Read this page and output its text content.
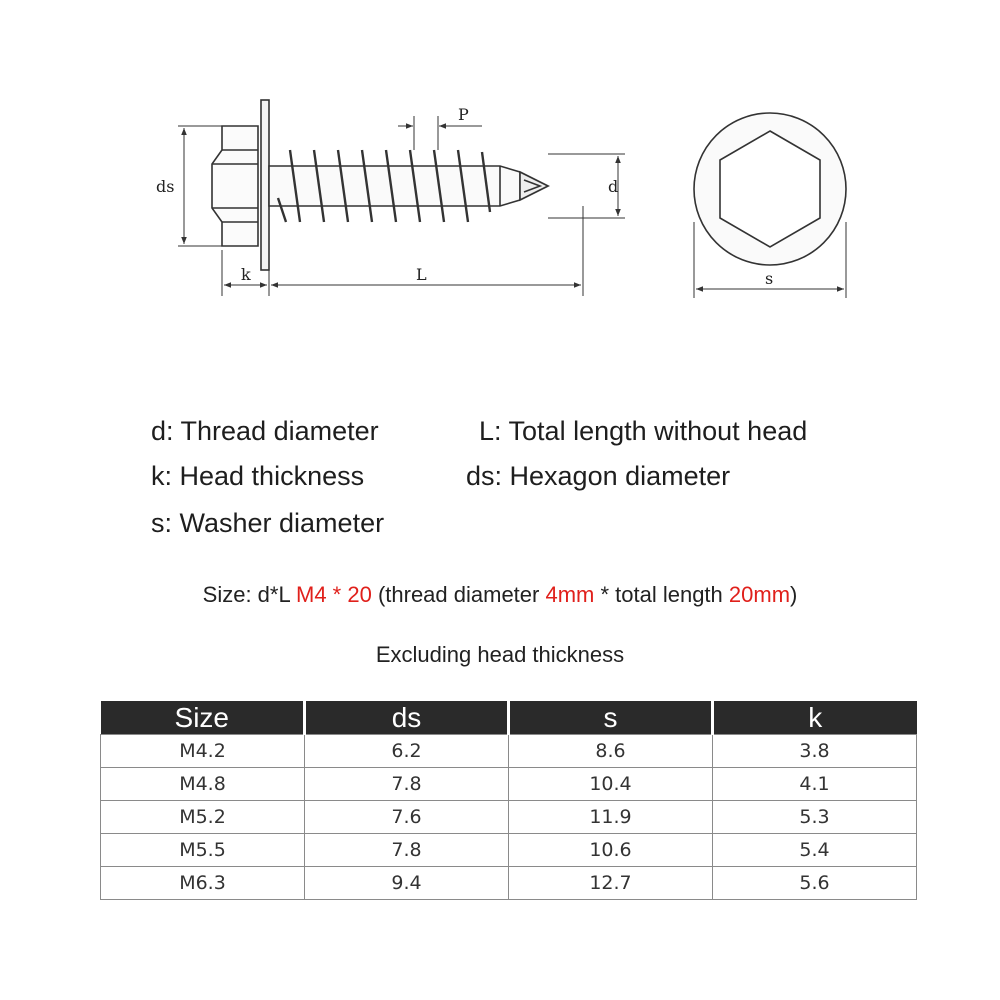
P
ds	d
k	L	s
d: Thread diameter	L: Total length without head
k: Head thickness	ds: Hexagon diameter
s: Washer diameter
Size: d*L M4 * 20 (thread diameter 4mm * total length 20mm)
Excluding head thickness
Size	ds	s	k
M4.2	6.2	8.6	3.8
M4.8	7.8	10.4	4.1
M5.2	7.6	11.9	5.3
M5.5	7.8	10.6	5.4
M6.3	9.4	12.7	5.6
